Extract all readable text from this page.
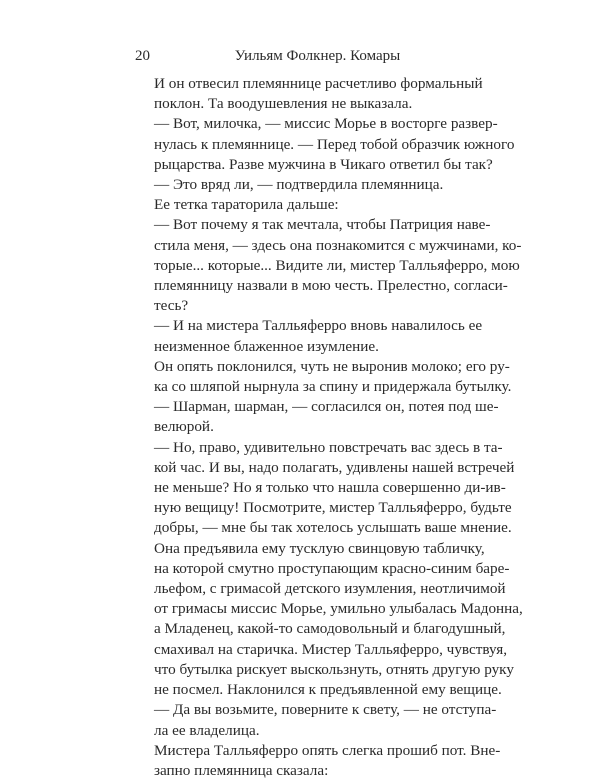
20	Уильям Фолкнер. Комары

И он отвесил племяннице расчетливо формальный
поклон. Та воодушевления не выказала.

— Вот, милочка, — миссис Морье в восторге развер-
нулась к племяннице. — Перед тобой образчик южного
рыцарства. Разве мужчина в Чикаго ответил бы так?

— Это вряд ли, — подтвердила племянница.

Ее тетка тараторила дальше:

— Вот почему я так мечтала, чтобы Патриция наве-
стила меня, — здесь она познакомится с мужчинами, ко-
торые... которые... Видите ли, мистер Талльяферро, мою
племянницу назвали в мою честь. Прелестно, согласи-
тесь?

— И на мистера Талльяферро вновь навалилось ее
неизменное блаженное изумление.

Он опять поклонился, чуть не выронив молоко; его ру-
ка со шляпой нырнула за спину и придержала бутылку.

— Шарман, шарман, — согласился он, потея под ше-
велюрой.

— Но, право, удивительно повстречать вас здесь в та-
кой час. И вы, надо полагать, удивлены нашей встречей
не меньше? Но я только что нашла совершенно ди-ив-
ную вещицу! Посмотрите, мистер Талльяферро, будьте
добры, — мне бы так хотелось услышать ваше мнение.

Она предъявила ему тусклую свинцовую табличку,
на которой смутно проступающим красно-синим баре-
льефом, с гримасой детского изумления, неотличимой
от гримасы миссис Морье, умильно улыбалась Мадонна,
а Младенец, какой-то самодовольный и благодушный,
смахивал на старичка. Мистер Талльяферро, чувствуя,
что бутылка рискует выскользнуть, отнять другую руку
не посмел. Наклонился к предъявленной ему вещице.

— Да вы возьмите, поверните к свету, — не отступа-
ла ее владелица.

Мистера Талльяферро опять слегка прошиб пот. Вне-
запно племянница сказала:
